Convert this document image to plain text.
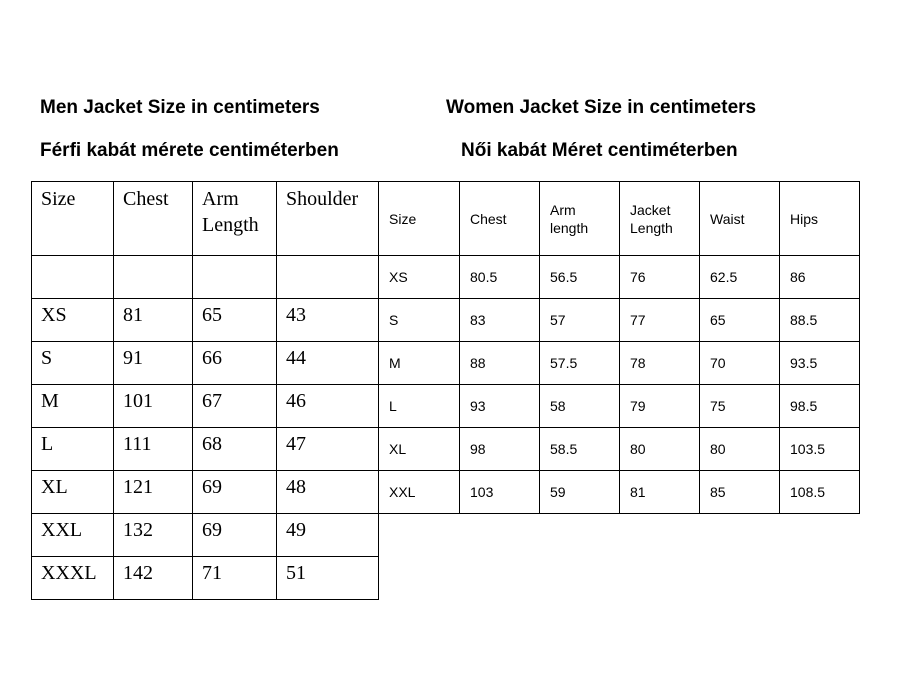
Men Jacket Size in centimeters	Women Jacket Size in centimeters
Férfi kabát mérete centiméterben	Női kabát Méret centiméterben
Size	Chest	Arm Length	Shoulder

XS	81	65	43
S	91	66	44
M	101	67	46
L	111	68	47
XL	121	69	48
XXL	132	69	49
XXXL	142	71	51
Size	Chest	Arm length	Jacket Length	Waist	Hips
XS	80.5	56.5	76	62.5	86
S	83	57	77	65	88.5
M	88	57.5	78	70	93.5
L	93	58	79	75	98.5
XL	98	58.5	80	80	103.5
XXL	103	59	81	85	108.5
